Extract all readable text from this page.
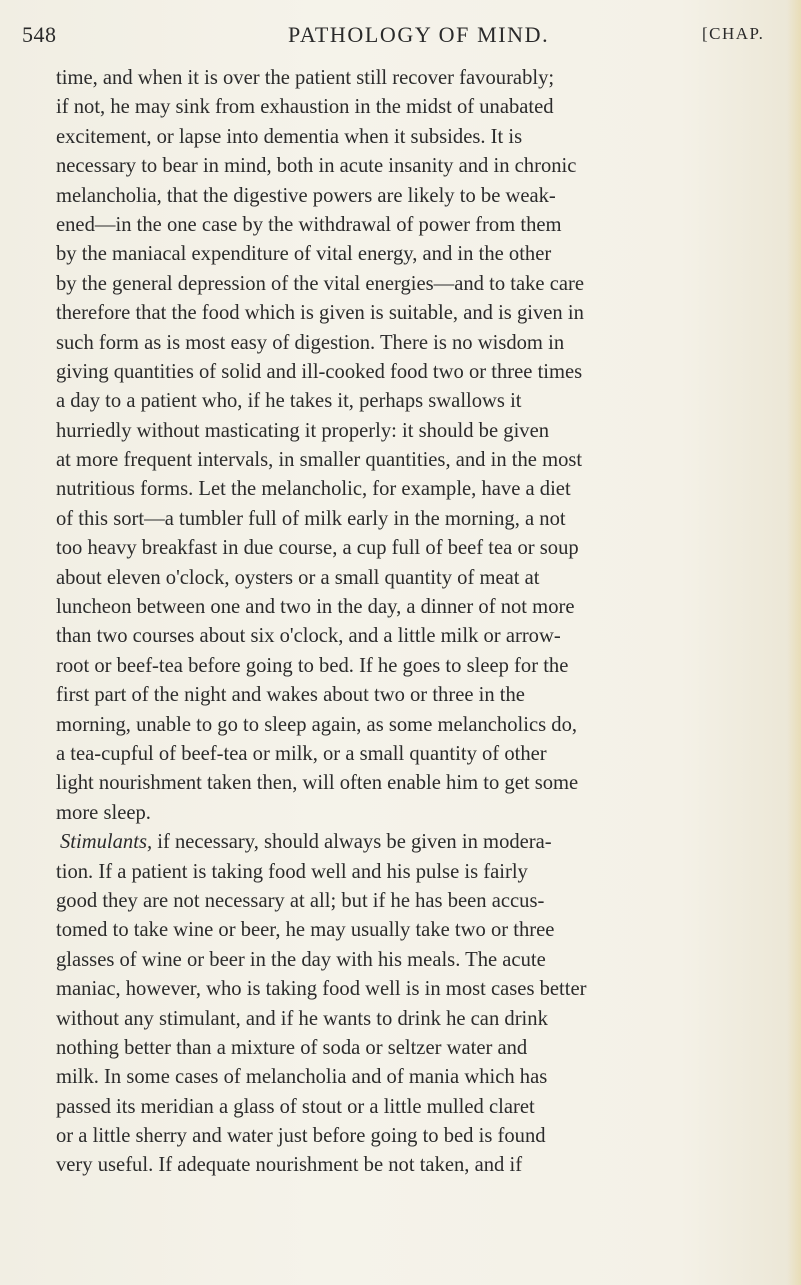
548	PATHOLOGY OF MIND.	[CHAP.
time, and when it is over the patient still recover favourably;
if not, he may sink from exhaustion in the midst of unabated
excitement, or lapse into dementia when it subsides. It is
necessary to bear in mind, both in acute insanity and in chronic
melancholia, that the digestive powers are likely to be weak-
ened—in the one case by the withdrawal of power from them
by the maniacal expenditure of vital energy, and in the other
by the general depression of the vital energies—and to take care
therefore that the food which is given is suitable, and is given in
such form as is most easy of digestion. There is no wisdom in
giving quantities of solid and ill-cooked food two or three times
a day to a patient who, if he takes it, perhaps swallows it
hurriedly without masticating it properly: it should be given
at more frequent intervals, in smaller quantities, and in the most
nutritious forms. Let the melancholic, for example, have a diet
of this sort—a tumbler full of milk early in the morning, a not
too heavy breakfast in due course, a cup full of beef tea or soup
about eleven o'clock, oysters or a small quantity of meat at
luncheon between one and two in the day, a dinner of not more
than two courses about six o'clock, and a little milk or arrow-
root or beef-tea before going to bed. If he goes to sleep for the
first part of the night and wakes about two or three in the
morning, unable to go to sleep again, as some melancholics do,
a tea-cupful of beef-tea or milk, or a small quantity of other
light nourishment taken then, will often enable him to get some
more sleep.
Stimulants, if necessary, should always be given in modera-
tion. If a patient is taking food well and his pulse is fairly
good they are not necessary at all; but if he has been accus-
tomed to take wine or beer, he may usually take two or three
glasses of wine or beer in the day with his meals. The acute
maniac, however, who is taking food well is in most cases better
without any stimulant, and if he wants to drink he can drink
nothing better than a mixture of soda or seltzer water and
milk. In some cases of melancholia and of mania which has
passed its meridian a glass of stout or a little mulled claret
or a little sherry and water just before going to bed is found
very useful. If adequate nourishment be not taken, and if
